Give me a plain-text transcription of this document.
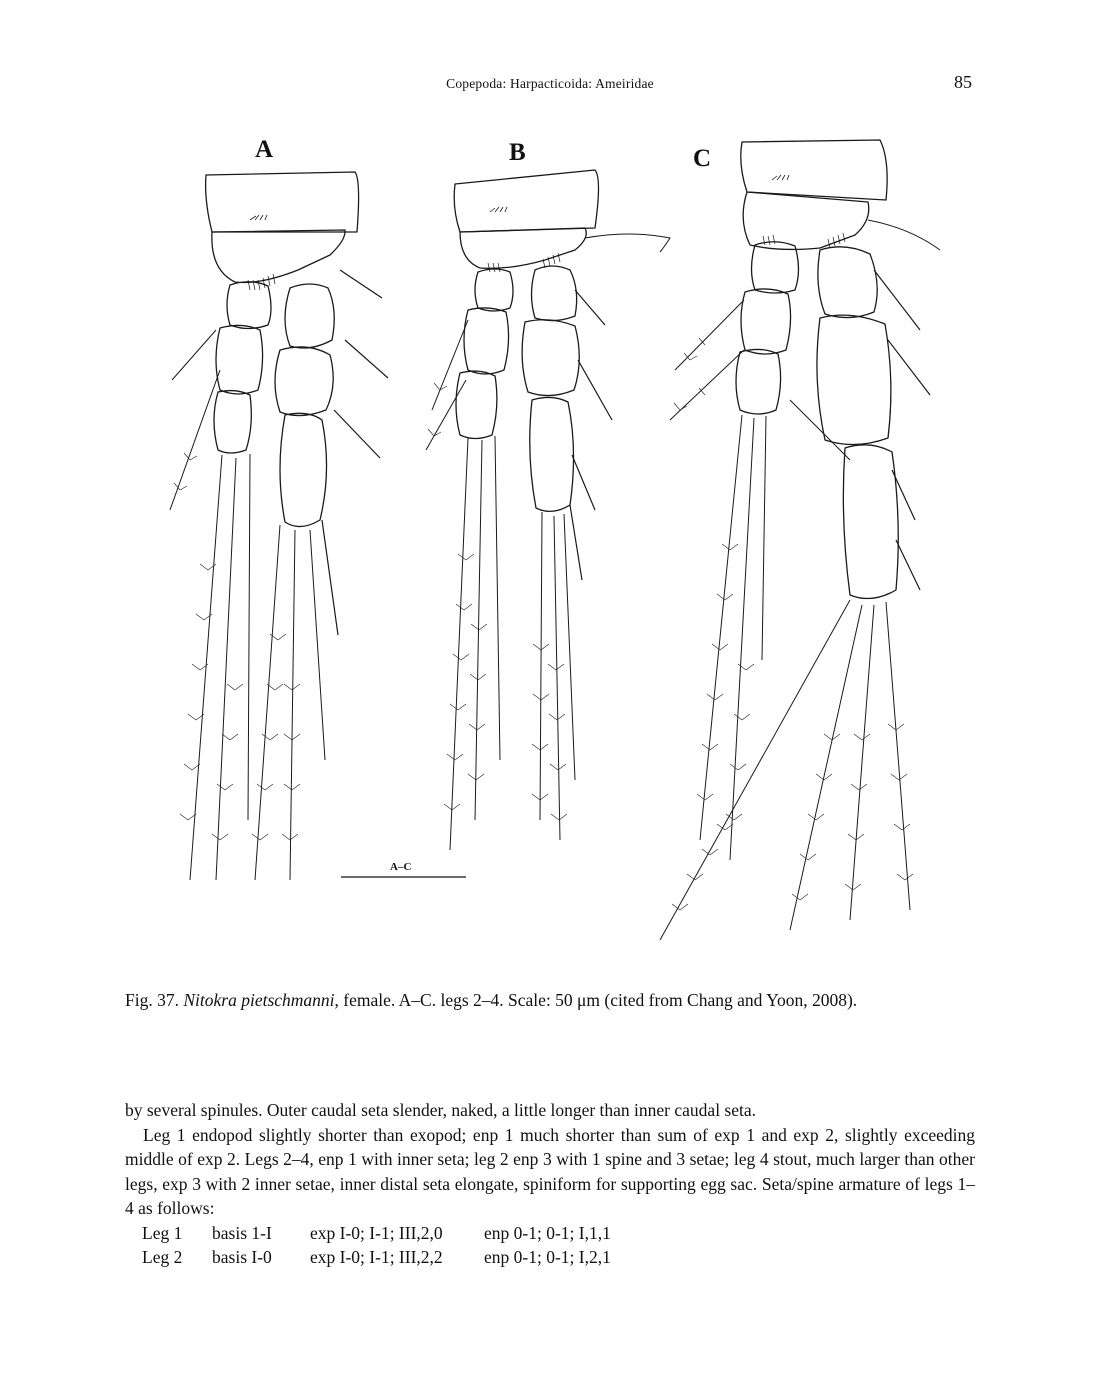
Copepoda: Harpacticoida: Ameiridae	85
A	B	C
A–C
Fig. 37. Nitokra pietschmanni, female. A–C. legs 2–4. Scale: 50 μm (cited from Chang and Yoon, 2008).

by several spinules. Outer caudal seta slender, naked, a little longer than inner caudal seta.

Leg 1 endopod slightly shorter than exopod; enp 1 much shorter than sum of exp 1 and exp 2, slightly exceeding middle of exp 2. Legs 2–4, enp 1 with inner seta; leg 2 enp 3 with 1 spine and 3 setae; leg 4 stout, much larger than other legs, exp 3 with 2 inner setae, inner distal seta elongate, spiniform for supporting egg sac. Seta/spine armature of legs 1–4 as follows:

Leg 1	basis 1-I	exp I-0; I-1; III,2,0	enp 0-1; 0-1; I,1,1
Leg 2	basis I-0	exp I-0; I-1; III,2,2	enp 0-1; 0-1; I,2,1
